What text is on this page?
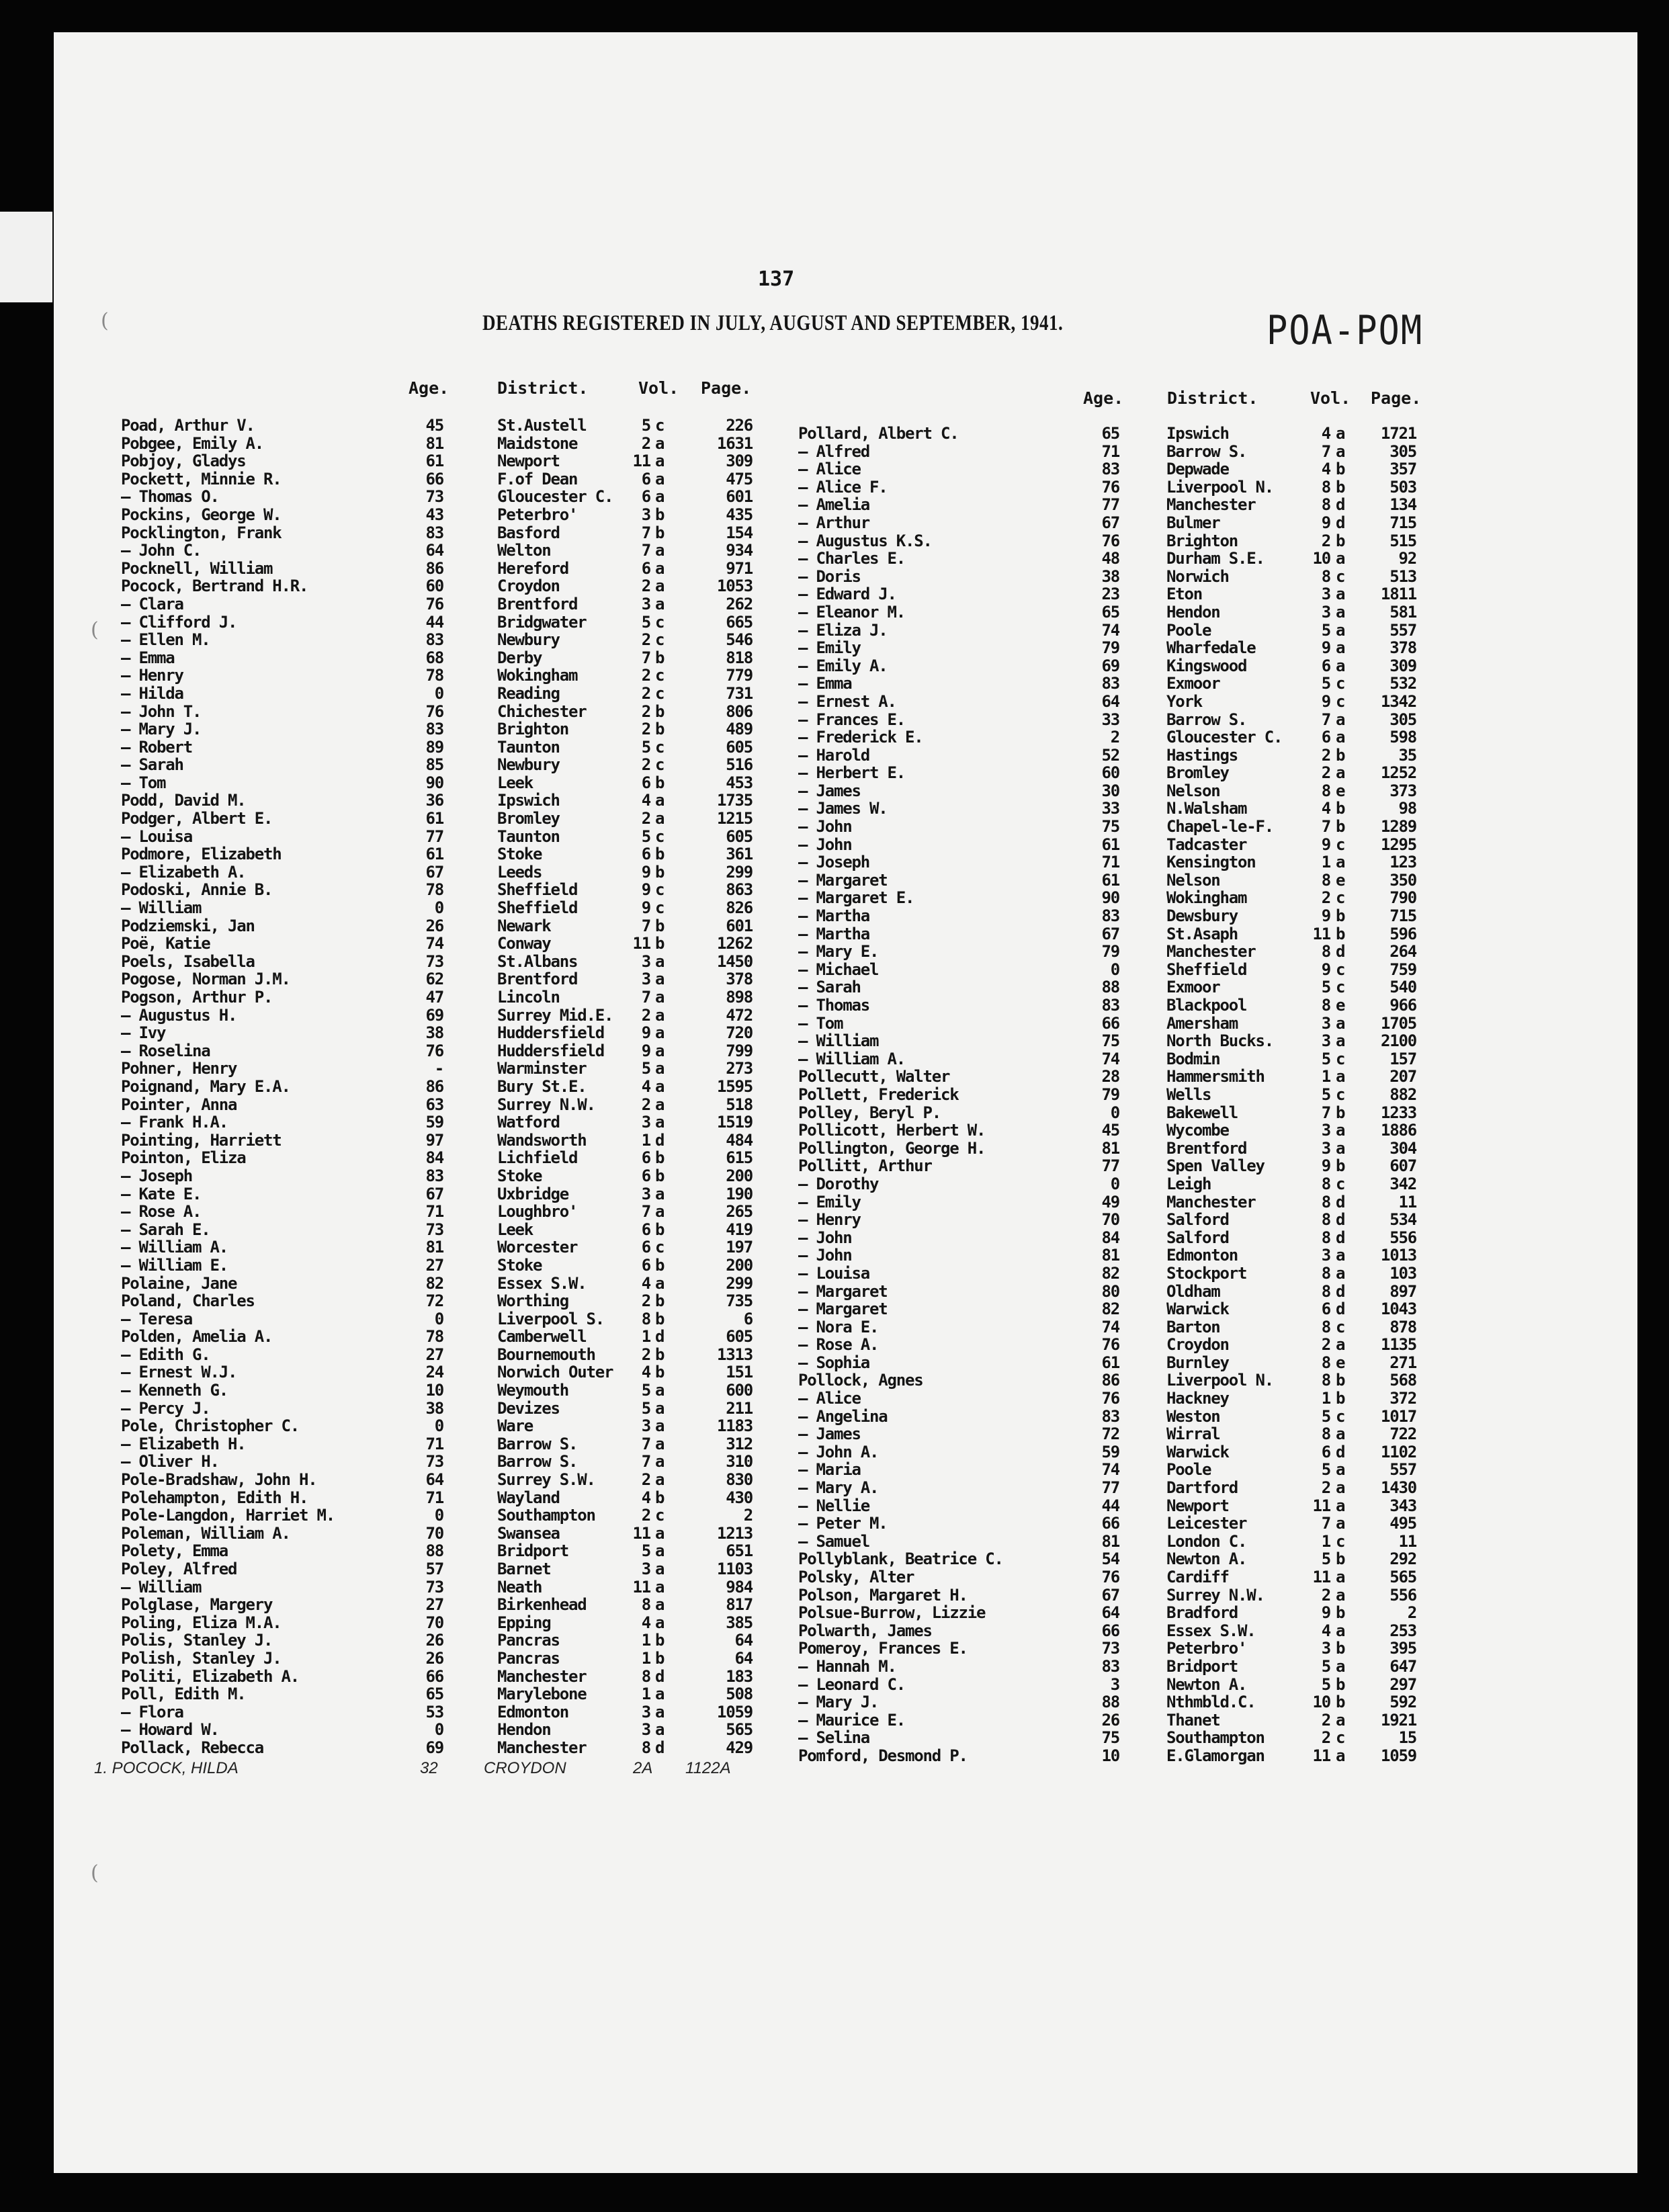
(
(
(
137
DEATHS REGISTERED IN JULY, AUGUST AND SEPTEMBER, 1941.	POA-POM
Age.	District.	Vol. Page.
Age.	District.	Vol. Page.
Poad, Arthur V.	45	St.Austell	5 c	226
Pobgee, Emily A.	81	Maidstone	2 a	1631
Pobjoy, Gladys	61	Newport	11 a	309
Pockett, Minnie R.	66	F.of Dean	6 a	475
— Thomas O.	73	Gloucester C.	6 a	601
Pockins, George W.	43	Peterbro'	3 b	435
Pocklington, Frank	83	Basford	7 b	154
— John C.	64	Welton	7 a	934
Pocknell, William	86	Hereford	6 a	971
Pocock, Bertrand H.R.	60	Croydon	2 a	1053
— Clara	76	Brentford	3 a	262
— Clifford J.	44	Bridgwater	5 c	665
— Ellen M.	83	Newbury	2 c	546
— Emma	68	Derby	7 b	818
— Henry	78	Wokingham	2 c	779
— Hilda	0	Reading	2 c	731
— John T.	76	Chichester	2 b	806
— Mary J.	83	Brighton	2 b	489
— Robert	89	Taunton	5 c	605
— Sarah	85	Newbury	2 c	516
— Tom	90	Leek	6 b	453
Podd, David M.	36	Ipswich	4 a	1735
Podger, Albert E.	61	Bromley	2 a	1215
— Louisa	77	Taunton	5 c	605
Podmore, Elizabeth	61	Stoke	6 b	361
— Elizabeth A.	67	Leeds	9 b	299
Podoski, Annie B.	78	Sheffield	9 c	863
— William	0	Sheffield	9 c	826
Podziemski, Jan	26	Newark	7 b	601
Poë, Katie	74	Conway	11 b	1262
Poels, Isabella	73	St.Albans	3 a	1450
Pogose, Norman J.M.	62	Brentford	3 a	378
Pogson, Arthur P.	47	Lincoln	7 a	898
— Augustus H.	69	Surrey Mid.E.	2 a	472
— Ivy	38	Huddersfield	9 a	720
— Roselina	76	Huddersfield	9 a	799
Pohner, Henry	-	Warminster	5 a	273
Poignand, Mary E.A.	86	Bury St.E.	4 a	1595
Pointer, Anna	63	Surrey N.W.	2 a	518
— Frank H.A.	59	Watford	3 a	1519
Pointing, Harriett	97	Wandsworth	1 d	484
Pointon, Eliza	84	Lichfield	6 b	615
— Joseph	83	Stoke	6 b	200
— Kate E.	67	Uxbridge	3 a	190
— Rose A.	71	Loughbro'	7 a	265
— Sarah E.	73	Leek	6 b	419
— William A.	81	Worcester	6 c	197
— William E.	27	Stoke	6 b	200
Polaine, Jane	82	Essex S.W.	4 a	299
Poland, Charles	72	Worthing	2 b	735
— Teresa	0	Liverpool S.	8 b	6
Polden, Amelia A.	78	Camberwell	1 d	605
— Edith G.	27	Bournemouth	2 b	1313
— Ernest W.J.	24	Norwich Outer	4 b	151
— Kenneth G.	10	Weymouth	5 a	600
— Percy J.	38	Devizes	5 a	211
Pole, Christopher C.	0	Ware	3 a	1183
— Elizabeth H.	71	Barrow S.	7 a	312
— Oliver H.	73	Barrow S.	7 a	310
Pole-Bradshaw, John H.	64	Surrey S.W.	2 a	830
Polehampton, Edith H.	71	Wayland	4 b	430
Pole-Langdon, Harriet M.	0	Southampton	2 c	2
Poleman, William A.	70	Swansea	11 a	1213
Polety, Emma	88	Bridport	5 a	651
Poley, Alfred	57	Barnet	3 a	1103
— William	73	Neath	11 a	984
Polglase, Margery	27	Birkenhead	8 a	817
Poling, Eliza M.A.	70	Epping	4 a	385
Polis, Stanley J.	26	Pancras	1 b	64
Polish, Stanley J.	26	Pancras	1 b	64
Politi, Elizabeth A.	66	Manchester	8 d	183
Poll, Edith M.	65	Marylebone	1 a	508
— Flora	53	Edmonton	3 a	1059
— Howard W.	0	Hendon	3 a	565
Pollack, Rebecca	69	Manchester	8 d	429
Pollard, Albert C.	65	Ipswich	4 a	1721
— Alfred	71	Barrow S.	7 a	305
— Alice	83	Depwade	4 b	357
— Alice F.	76	Liverpool N.	8 b	503
— Amelia	77	Manchester	8 d	134
— Arthur	67	Bulmer	9 d	715
— Augustus K.S.	76	Brighton	2 b	515
— Charles E.	48	Durham S.E.	10 a	92
— Doris	38	Norwich	8 c	513
— Edward J.	23	Eton	3 a	1811
— Eleanor M.	65	Hendon	3 a	581
— Eliza J.	74	Poole	5 a	557
— Emily	79	Wharfedale	9 a	378
— Emily A.	69	Kingswood	6 a	309
— Emma	83	Exmoor	5 c	532
— Ernest A.	64	York	9 c	1342
— Frances E.	33	Barrow S.	7 a	305
— Frederick E.	2	Gloucester C.	6 a	598
— Harold	52	Hastings	2 b	35
— Herbert E.	60	Bromley	2 a	1252
— James	30	Nelson	8 e	373
— James W.	33	N.Walsham	4 b	98
— John	75	Chapel-le-F.	7 b	1289
— John	61	Tadcaster	9 c	1295
— Joseph	71	Kensington	1 a	123
— Margaret	61	Nelson	8 e	350
— Margaret E.	90	Wokingham	2 c	790
— Martha	83	Dewsbury	9 b	715
— Martha	67	St.Asaph	11 b	596
— Mary E.	79	Manchester	8 d	264
— Michael	0	Sheffield	9 c	759
— Sarah	88	Exmoor	5 c	540
— Thomas	83	Blackpool	8 e	966
— Tom	66	Amersham	3 a	1705
— William	75	North Bucks.	3 a	2100
— William A.	74	Bodmin	5 c	157
Pollecutt, Walter	28	Hammersmith	1 a	207
Pollett, Frederick	79	Wells	5 c	882
Polley, Beryl P.	0	Bakewell	7 b	1233
Pollicott, Herbert W.	45	Wycombe	3 a	1886
Pollington, George H.	81	Brentford	3 a	304
Pollitt, Arthur	77	Spen Valley	9 b	607
— Dorothy	0	Leigh	8 c	342
— Emily	49	Manchester	8 d	11
— Henry	70	Salford	8 d	534
— John	84	Salford	8 d	556
— John	81	Edmonton	3 a	1013
— Louisa	82	Stockport	8 a	103
— Margaret	80	Oldham	8 d	897
— Margaret	82	Warwick	6 d	1043
— Nora E.	74	Barton	8 c	878
— Rose A.	76	Croydon	2 a	1135
— Sophia	61	Burnley	8 e	271
Pollock, Agnes	86	Liverpool N.	8 b	568
— Alice	76	Hackney	1 b	372
— Angelina	83	Weston	5 c	1017
— James	72	Wirral	8 a	722
— John A.	59	Warwick	6 d	1102
— Maria	74	Poole	5 a	557
— Mary A.	77	Dartford	2 a	1430
— Nellie	44	Newport	11 a	343
— Peter M.	66	Leicester	7 a	495
— Samuel	81	London C.	1 c	11
Pollyblank, Beatrice C.	54	Newton A.	5 b	292
Polsky, Alter	76	Cardiff	11 a	565
Polson, Margaret H.	67	Surrey N.W.	2 a	556
Polsue-Burrow, Lizzie	64	Bradford	9 b	2
Polwarth, James	66	Essex S.W.	4 a	253
Pomeroy, Frances E.	73	Peterbro'	3 b	395
— Hannah M.	83	Bridport	5 a	647
— Leonard C.	3	Newton A.	5 b	297
— Mary J.	88	Nthmbld.C.	10 b	592
— Maurice E.	26	Thanet	2 a	1921
— Selina	75	Southampton	2 c	15
Pomford, Desmond P.	10	E.Glamorgan	11 a	1059
1. POCOCK, HILDA	32	CROYDON	2A 1122A
